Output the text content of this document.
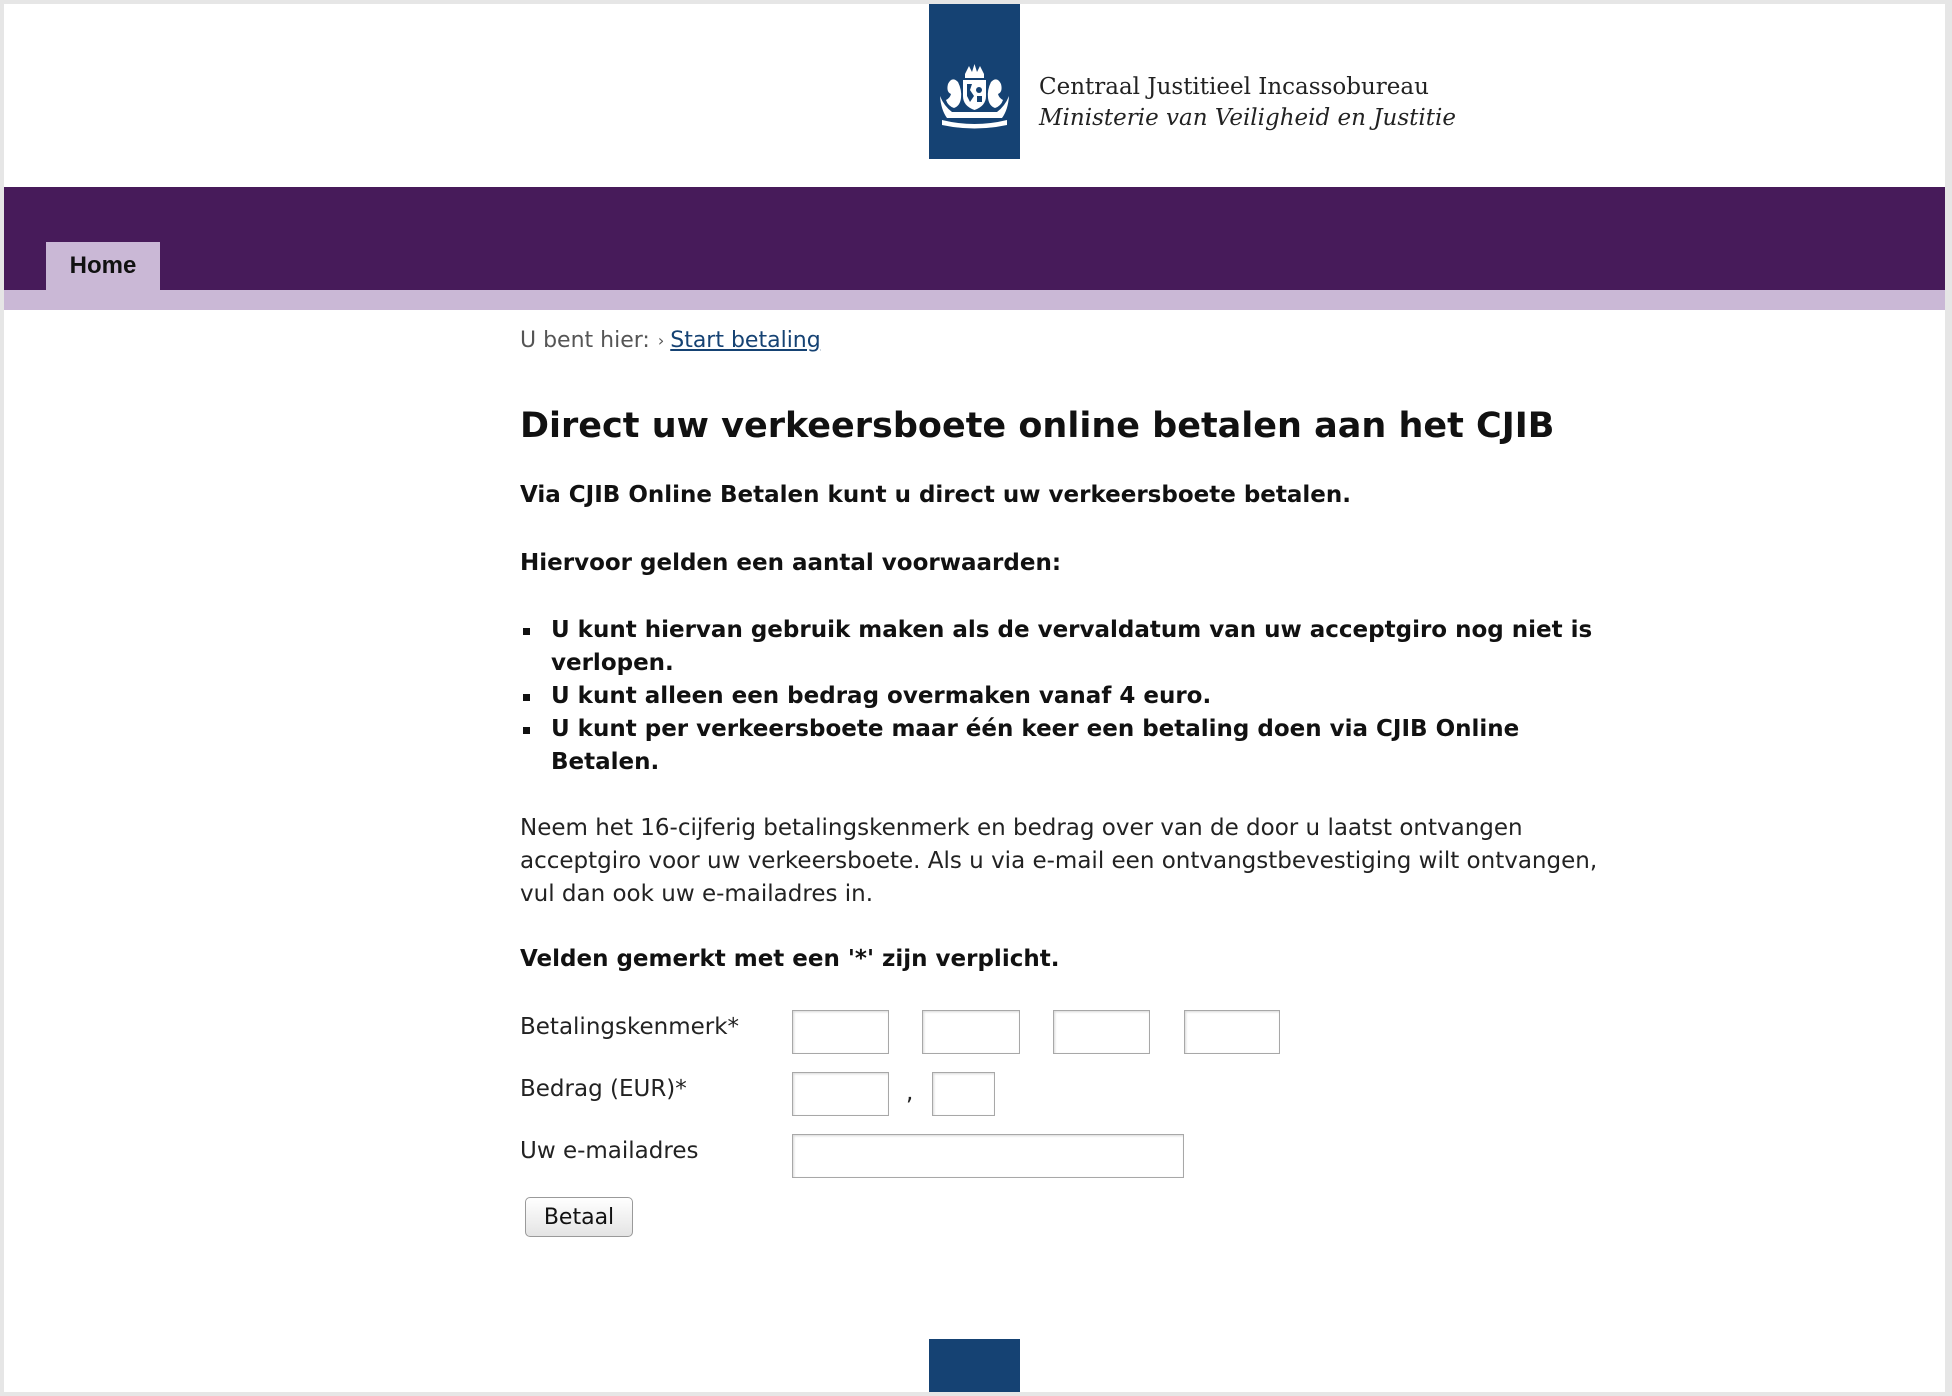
Centraal Justitieel Incassobureau
Ministerie van Veiligheid en Justitie
Home
U bent hier: › Start betaling
Direct uw verkeersboete online betalen aan het CJIB
Via CJIB Online Betalen kunt u direct uw verkeersboete betalen.
Hiervoor gelden een aantal voorwaarden:
U kunt hiervan gebruik maken als de vervaldatum van uw acceptgiro nog niet is verlopen.
U kunt alleen een bedrag overmaken vanaf 4 euro.
U kunt per verkeersboete maar één keer een betaling doen via CJIB Online Betalen.

Neem het 16-cijferig betalingskenmerk en bedrag over van de door u laatst ontvangen acceptgiro voor uw verkeersboete. Als u via e-mail een ontvangstbevestiging wilt ontvangen, vul dan ook uw e-mailadres in.

Velden gemerkt met een '*' zijn verplicht.
Betalingskenmerk*
Bedrag (EUR)*	,
Uw e-mailadres
Betaal
